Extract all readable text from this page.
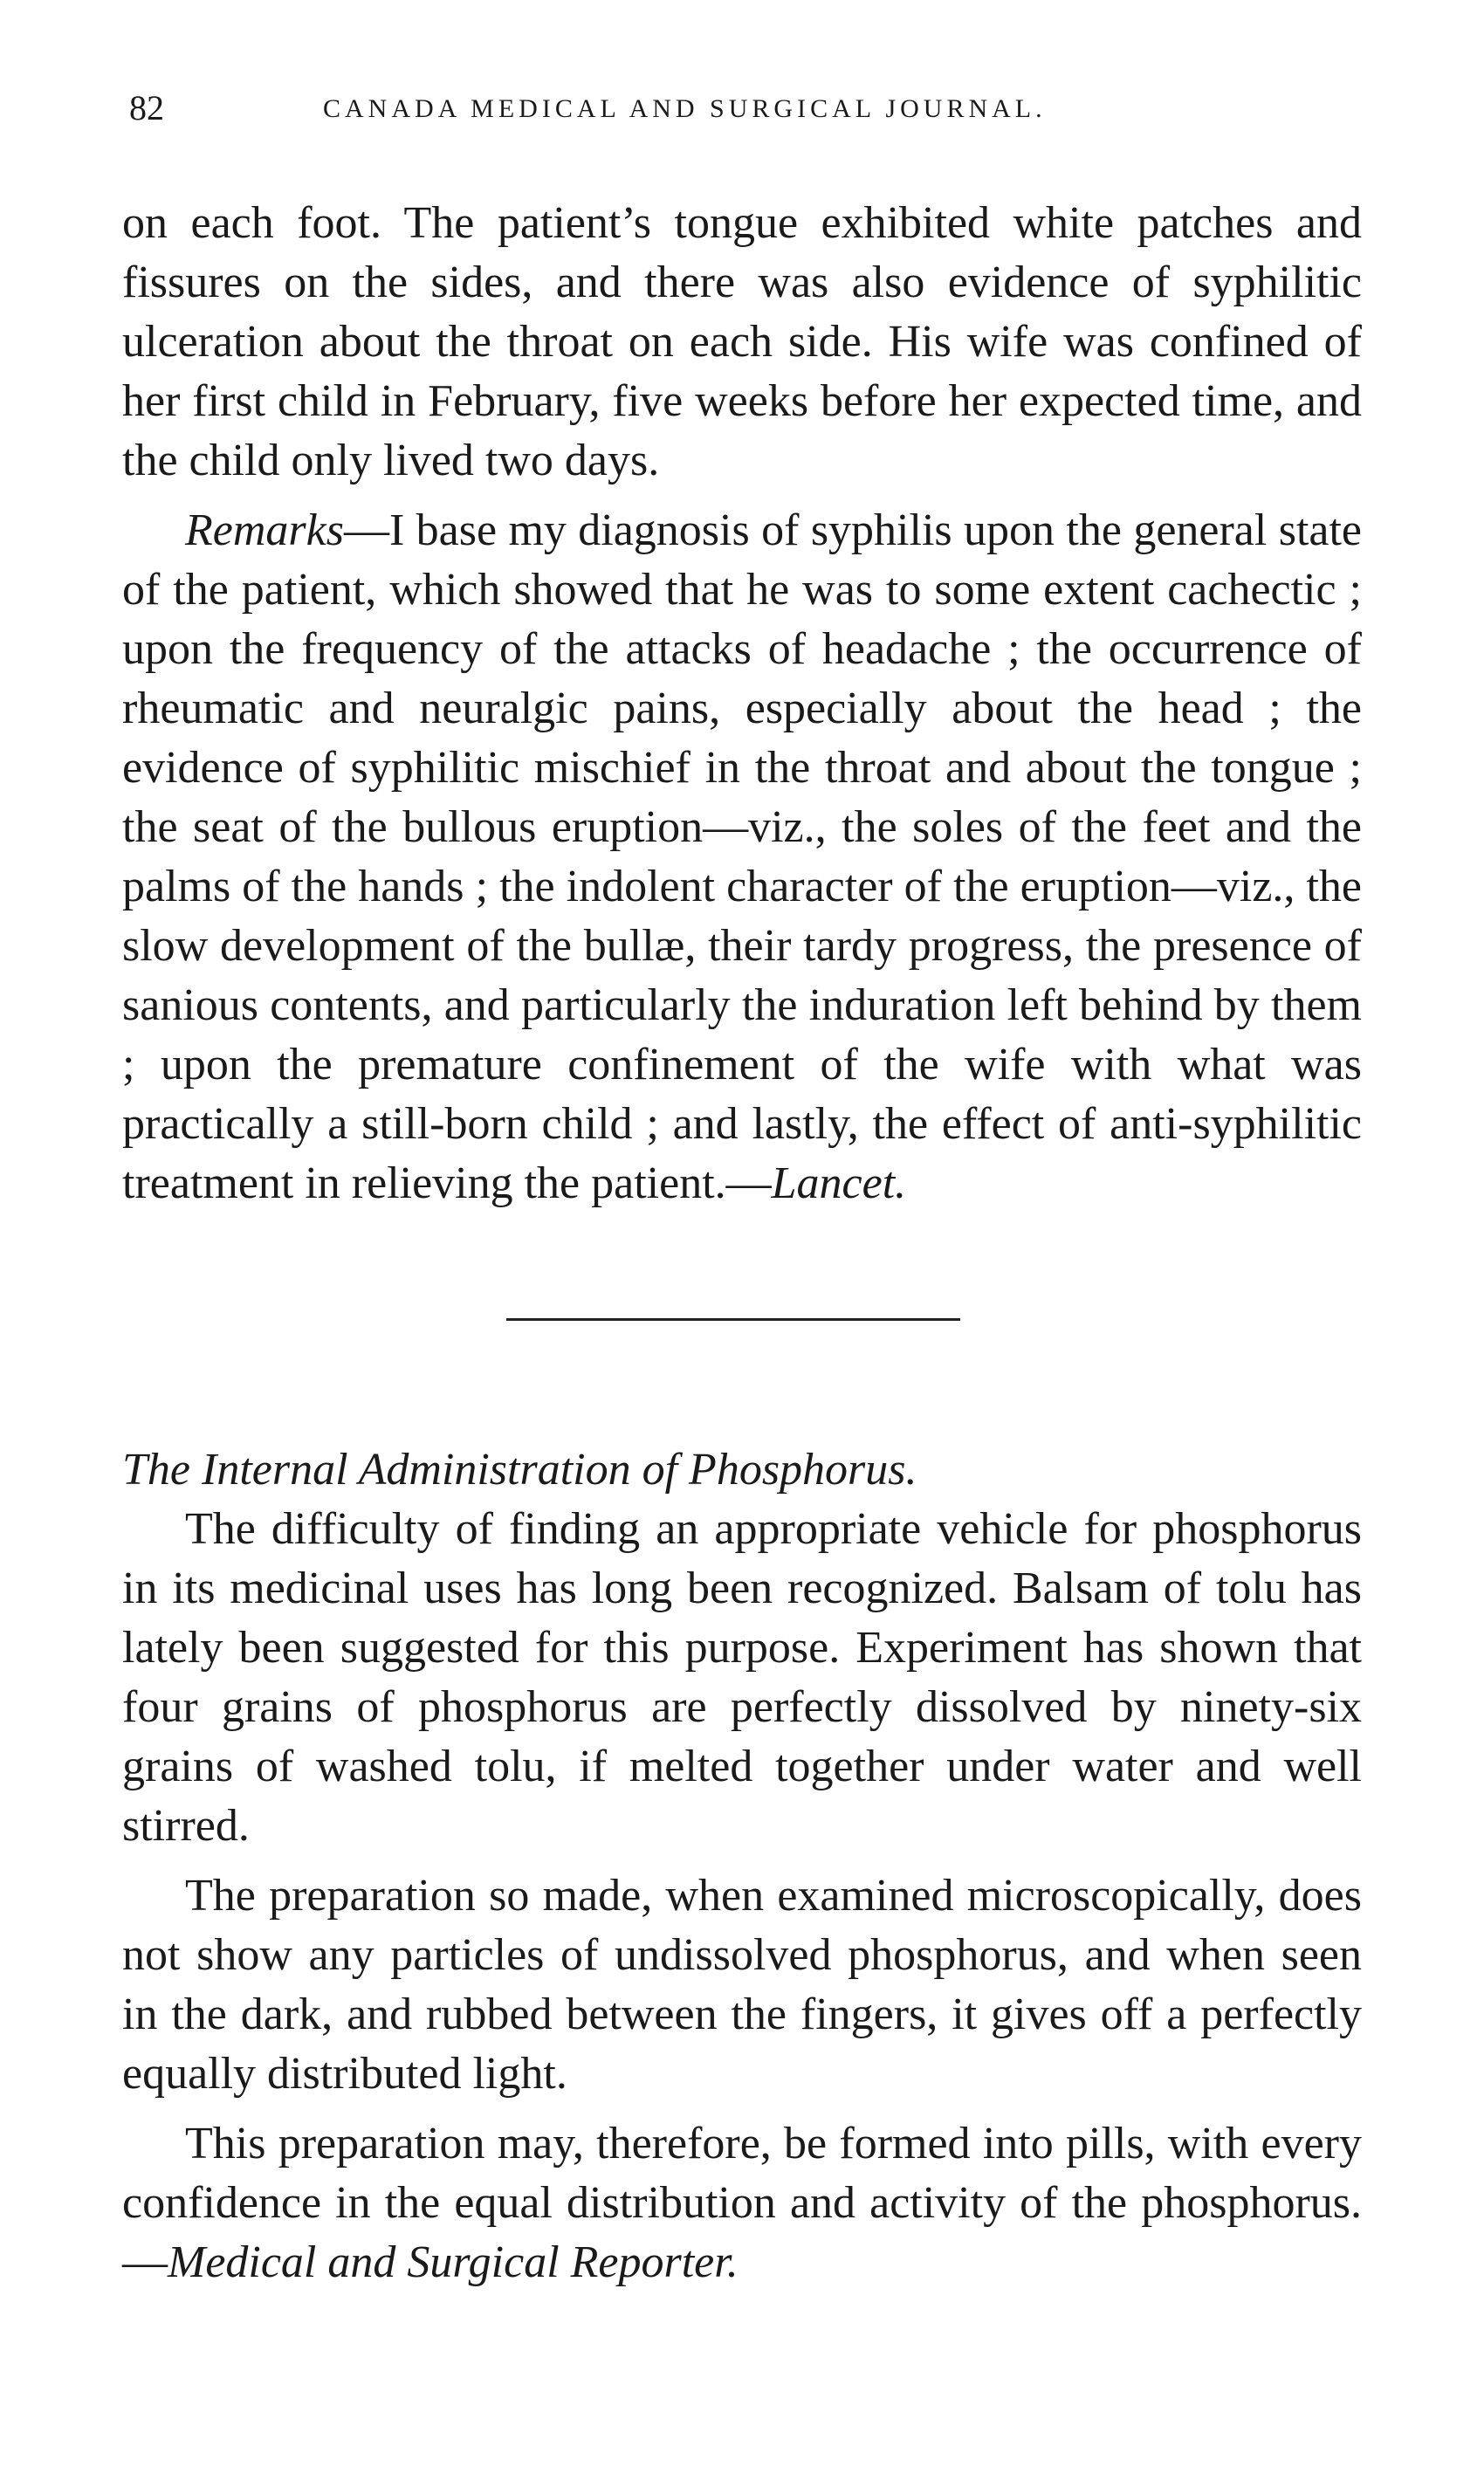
82	CANADA MEDICAL AND SURGICAL JOURNAL.

on each foot. The patient’s tongue exhibited white patches and fissures on the sides, and there was also evidence of syphilitic ulceration about the throat on each side. His wife was confined of her first child in February, five weeks before her expected time, and the child only lived two days.

Remarks—I base my diagnosis of syphilis upon the general state of the patient, which showed that he was to some extent cachectic ; upon the frequency of the attacks of headache ; the occurrence of rheumatic and neuralgic pains, especially about the head ; the evidence of syphilitic mischief in the throat and about the tongue ; the seat of the bullous eruption—viz., the soles of the feet and the palms of the hands ; the indolent character of the eruption—viz., the slow development of the bullæ, their tardy progress, the presence of sanious contents, and particularly the induration left behind by them ; upon the premature confinement of the wife with what was practically a still-born child ; and lastly, the effect of anti-syphilitic treatment in relieving the patient.—Lancet.

The Internal Administration of Phosphorus.

The difficulty of finding an appropriate vehicle for phosphorus in its medicinal uses has long been recognized. Balsam of tolu has lately been suggested for this purpose. Experiment has shown that four grains of phosphorus are perfectly dissolved by ninety-six grains of washed tolu, if melted together under water and well stirred.

The preparation so made, when examined microscopically, does not show any particles of undissolved phosphorus, and when seen in the dark, and rubbed between the fingers, it gives off a perfectly equally distributed light.

This preparation may, therefore, be formed into pills, with every confidence in the equal distribution and activity of the phosphorus.—Medical and Surgical Reporter.
